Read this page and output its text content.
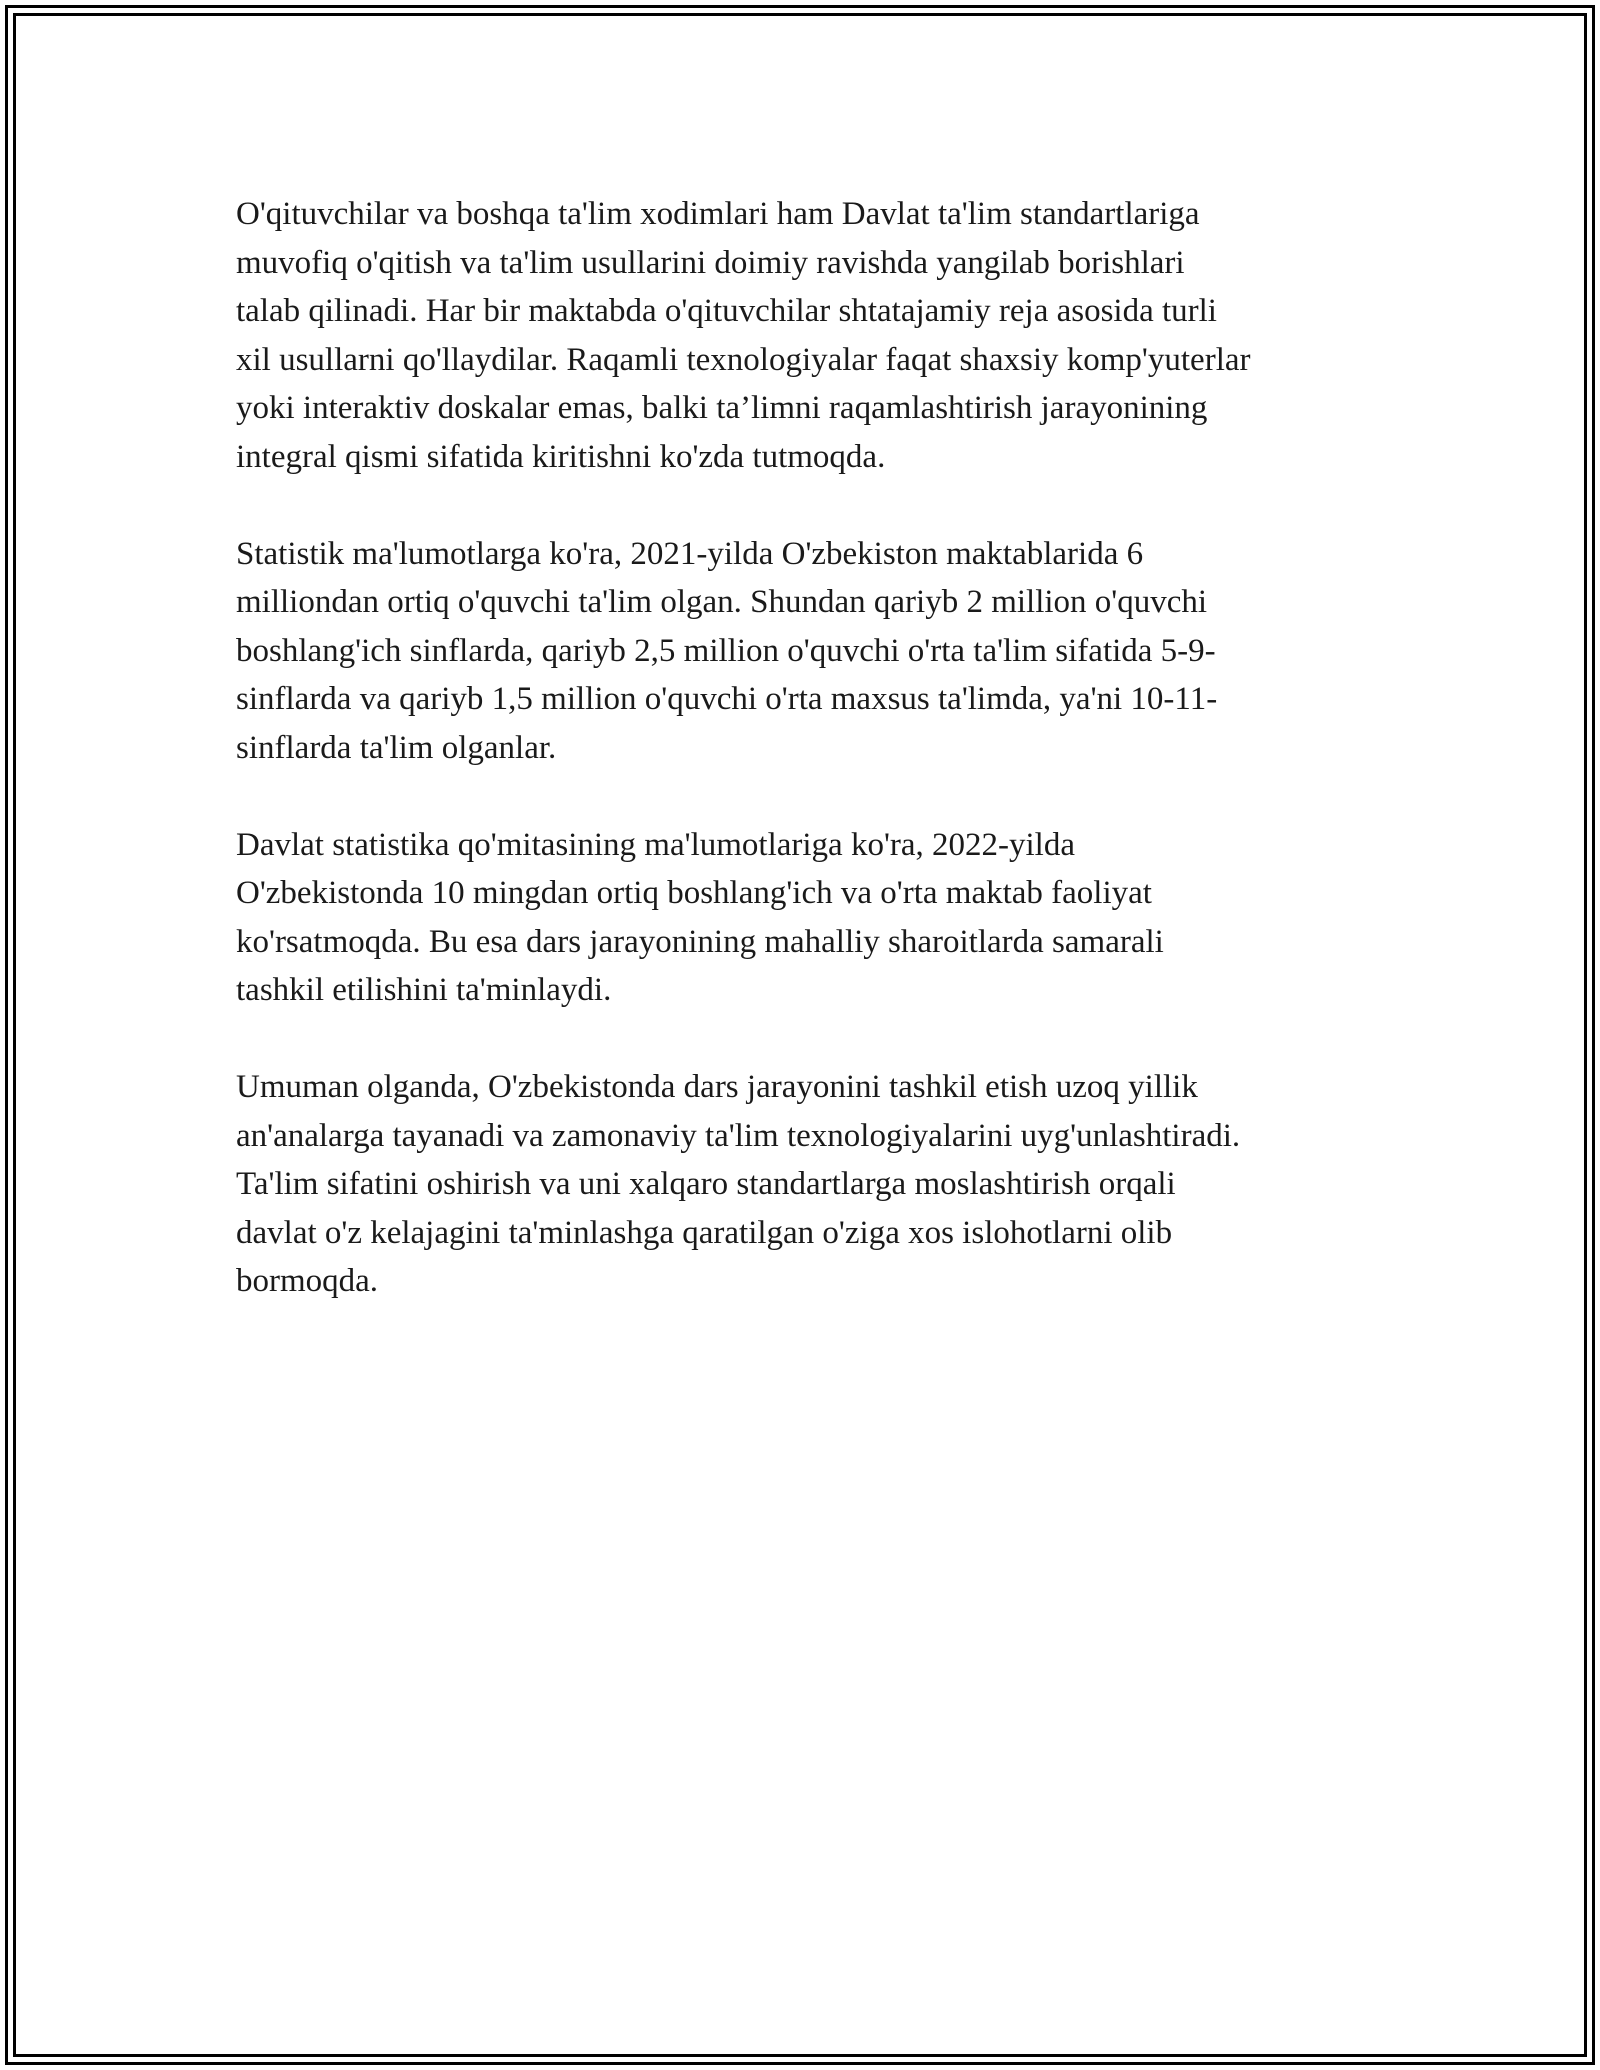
O'qituvchilar va boshqa ta'lim xodimlari ham Davlat ta'lim standartlariga
muvofiq o'qitish va ta'lim usullarini doimiy ravishda yangilab borishlari
talab qilinadi. Har bir maktabda o'qituvchilar shtatajamiy reja asosida turli
xil usullarni qo'llaydilar. Raqamli texnologiyalar faqat shaxsiy komp'yuterlar
yoki interaktiv doskalar emas, balki ta’limni raqamlashtirish jarayonining
integral qismi sifatida kiritishni ko'zda tutmoqda.

Statistik ma'lumotlarga ko'ra, 2021-yilda O'zbekiston maktablarida 6
milliondan ortiq o'quvchi ta'lim olgan. Shundan qariyb 2 million o'quvchi
boshlang'ich sinflarda, qariyb 2,5 million o'quvchi o'rta ta'lim sifatida 5-9-
sinflarda va qariyb 1,5 million o'quvchi o'rta maxsus ta'limda, ya'ni 10-11-
sinflarda ta'lim olganlar.

Davlat statistika qo'mitasining ma'lumotlariga ko'ra, 2022-yilda
O'zbekistonda 10 mingdan ortiq boshlang'ich va o'rta maktab faoliyat
ko'rsatmoqda. Bu esa dars jarayonining mahalliy sharoitlarda samarali
tashkil etilishini ta'minlaydi.

Umuman olganda, O'zbekistonda dars jarayonini tashkil etish uzoq yillik
an'analarga tayanadi va zamonaviy ta'lim texnologiyalarini uyg'unlashtiradi.
Ta'lim sifatini oshirish va uni xalqaro standartlarga moslashtirish orqali
davlat o'z kelajagini ta'minlashga qaratilgan o'ziga xos islohotlarni olib
bormoqda.
